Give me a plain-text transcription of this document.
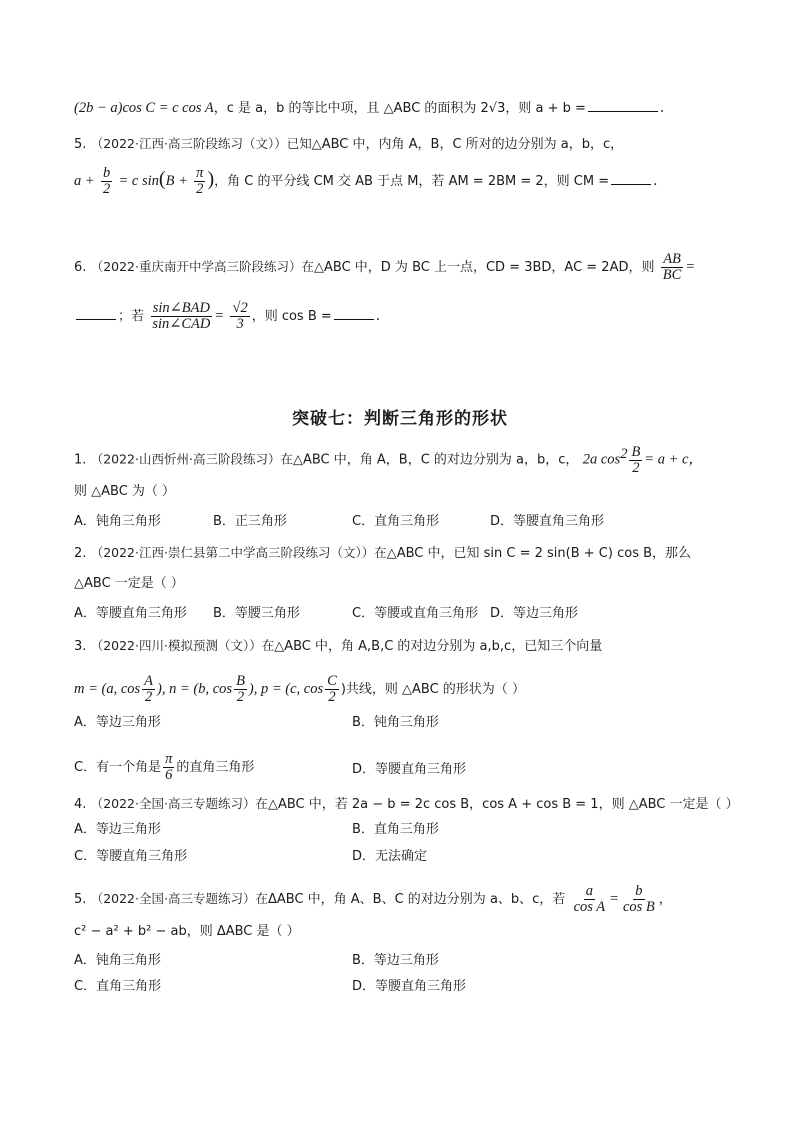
(2b − a)cos C = c cos A，c 是 a，b 的等比中项，且 △ABC 的面积为 2√3，则 a + b =	.
5. （2022·江西·高三阶段练习（文））已知△ABC 中，内角 A，B，C 所对的边分别为 a，b，c，
$a + \frac{b}{2} = c$ $\sin(B + \frac{\pi}{2}$ )，角 C 的平分线 CM 交 AB 于点 M，若 AM = 2BM = 2，则 CM =	.
6. （2022·重庆南开中学高三阶段练习）在△ABC 中，D 为 BC 上一点，CD = 3BD，AC = 2AD，则 $\frac{AB}{BC}$ =
；若 $\frac{\text{sin∠BAD}}{\text{sin∠CAD}} = \frac{√2}{3}$ ，则 cos B =	.
突破七：判断三角形的形状
1. （2022·山西忻州·高三阶段练习）在△ABC 中，角 A，B，C 的对边分别为 a，b，c， 2a $\cos^2 \frac{B}{2} = a + c$，
则 △ABC 为（ ）
A．钝角三角形	B．正三角形	C．直角三角形	D．等腰直角三角形
2. （2022·江西·崇仁县第二中学高三阶段练习（文））在△ABC 中，已知 sin C = 2 sin(B + C) cos B，那么
△ABC 一定是（ ）
A．等腰直角三角形 B．等腰三角形	C．等腰或直角三角形 D．等边三角形
3. （2022·四川·模拟预测（文））在△ABC 中，角 A,B,C 的对边分别为 a,b,c，已知三个向量
m = (a, $\cos \frac{A}{2}$ ), n = (b, $\cos \frac{B}{2}$ ), p = (c, $\cos \frac{C}{2}$ )共线，则 △ABC 的形状为（ ）
A．等边三角形	B．钝角三角形
C．有一个角是 $\frac{\pi}{6}$ 的直角三角形	D．等腰直角三角形
4. （2022·全国·高三专题练习）在△ABC 中，若 2a − b = 2c cos B，cos A + cos B = 1，则 △ABC 一定是（ ）
A．等边三角形	B．直角三角形
C．等腰直角三角形	D．无法确定
5. （2022·全国·高三专题练习）在ΔABC 中，角 A、B、C 的对边分别为 a、b、c，若 $\frac{a}{\text{cos A}} = \frac{b}{\text{cos B}}$ ，
c² − a² + b² − ab，则 ΔABC 是（ ）
A．钝角三角形	B．等边三角形
C．直角三角形	D．等腰直角三角形
